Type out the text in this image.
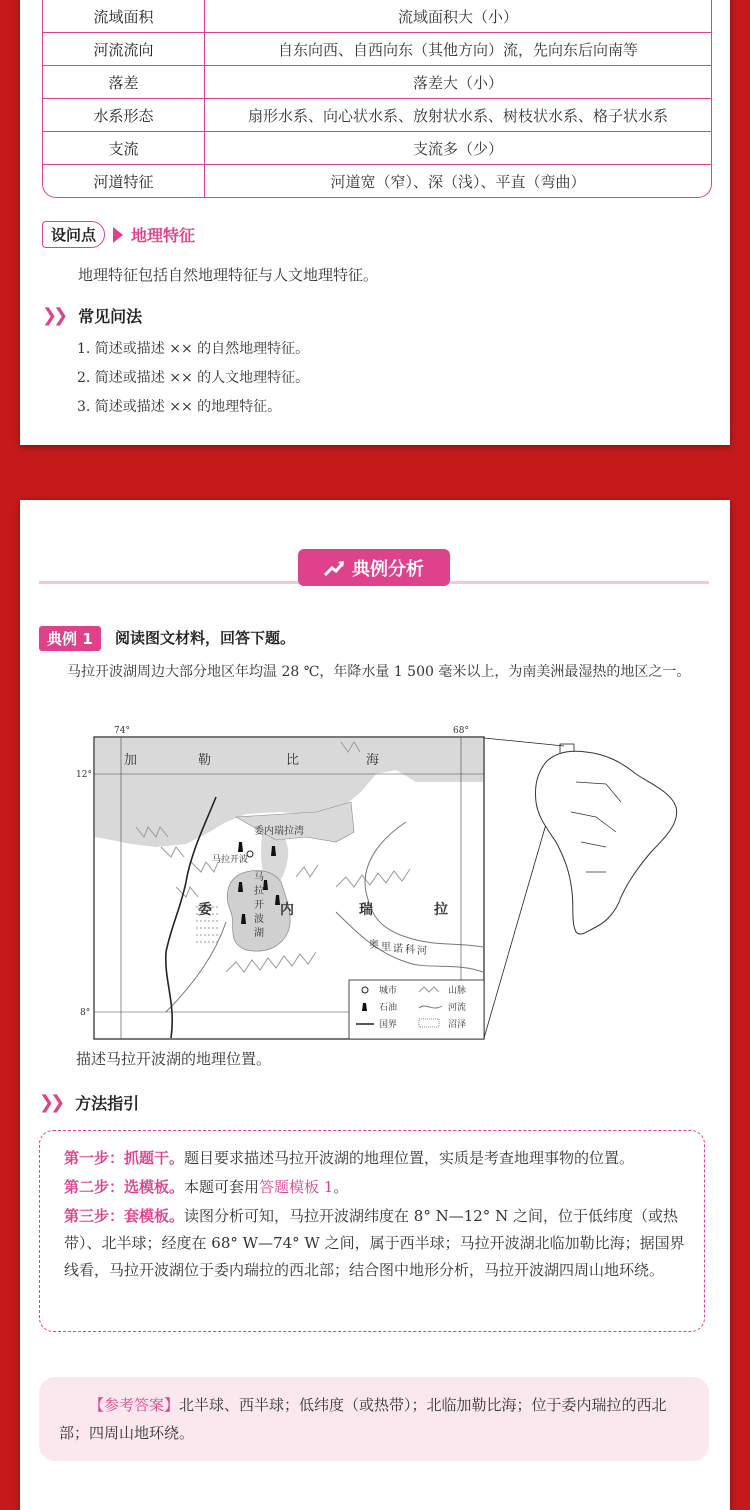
流域面积	流域面积大（小）
河流流向	自东向西、自西向东（其他方向）流，先向东后向南等
落差	落差大（小）
水系形态	扇形水系、向心状水系、放射状水系、树枝状水系、格子状水系
支流	支流多（少）
河道特征	河道宽（窄）、深（浅）、平直（弯曲）
设问点	地理特征
地理特征包括自然地理特征与人文地理特征。
❯❯ 常见问法
1. 简述或描述 ×× 的自然地理特征。
2. 简述或描述 ×× 的人文地理特征。
3. 简述或描述 ×× 的地理特征。
典例分析
典例 1	阅读图文材料，回答下题。
马拉开波湖周边大部分地区年均温 28 ℃，年降水量 1 500 毫米以上，为南美洲最湿热的地区之一。
74°	68°
12°
8°
加	勒	比	海
委内瑞拉湾
马拉开波
马
拉
开
波
湖
委	内	瑞	拉
奥 里 诺 科 河
城市	山脉
石油	河流
国界	沼泽
描述马拉开波湖的地理位置。
❯❯ 方法指引
第一步：抓题干。题目要求描述马拉开波湖的地理位置，实质是考查地理事物的位置。
第二步：选模板。本题可套用答题模板 1。
第三步：套模板。读图分析可知，马拉开波湖纬度在 8° N—12° N 之间，位于低纬度（或热带）、北半球；经度在 68° W—74° W 之间，属于西半球；马拉开波湖北临加勒比海；据国界线看，马拉开波湖位于委内瑞拉的西北部；结合图中地形分析，马拉开波湖四周山地环绕。
【参考答案】北半球、西半球；低纬度（或热带）；北临加勒比海；位于委内瑞拉的西北部；四周山地环绕。
